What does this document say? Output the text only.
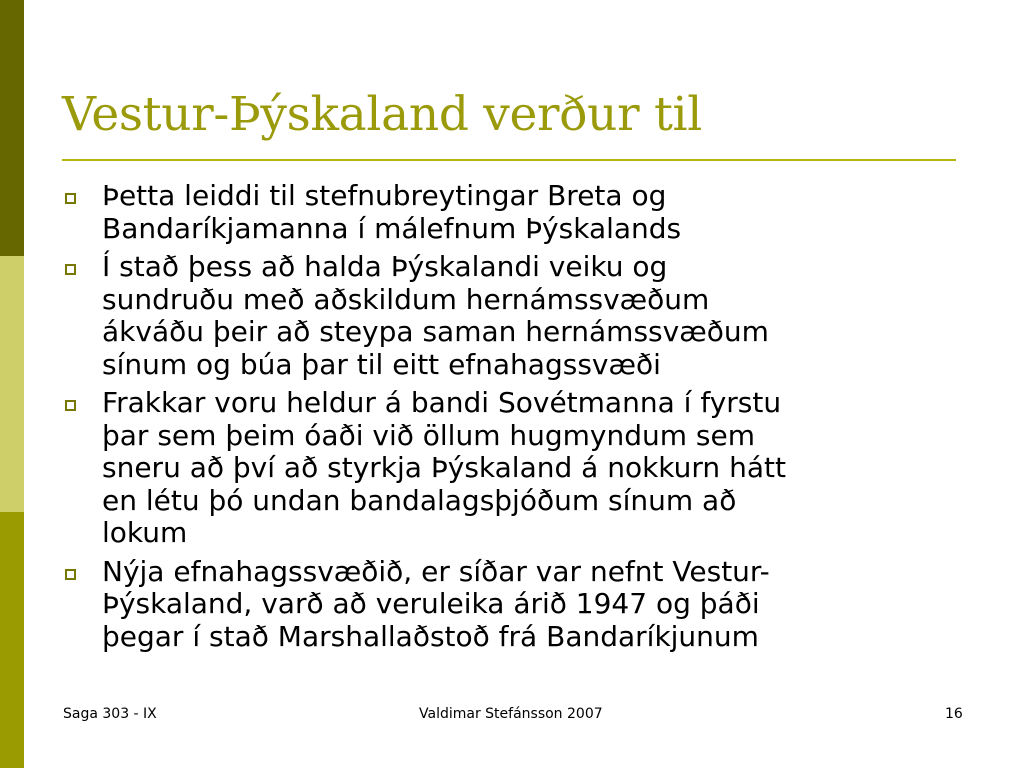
Vestur-Þýskaland verður til
Þetta leiddi til stefnubreytingar Breta og
Bandaríkjamanna í málefnum Þýskalands
Í stað þess að halda Þýskalandi veiku og
sundruðu með aðskildum hernámssvæðum
ákváðu þeir að steypa saman hernámssvæðum
sínum og búa þar til eitt efnahagssvæði
Frakkar voru heldur á bandi Sovétmanna í fyrstu
þar sem þeim óaði við öllum hugmyndum sem
sneru að því að styrkja Þýskaland á nokkurn hátt
en létu þó undan bandalagsþjóðum sínum að
lokum
Nýja efnahagssvæðið, er síðar var nefnt Vestur-
Þýskaland, varð að veruleika árið 1947 og þáði
þegar í stað Marshallaðstoð frá Bandaríkjunum
Saga 303 - IX	Valdimar Stefánsson 2007	16
